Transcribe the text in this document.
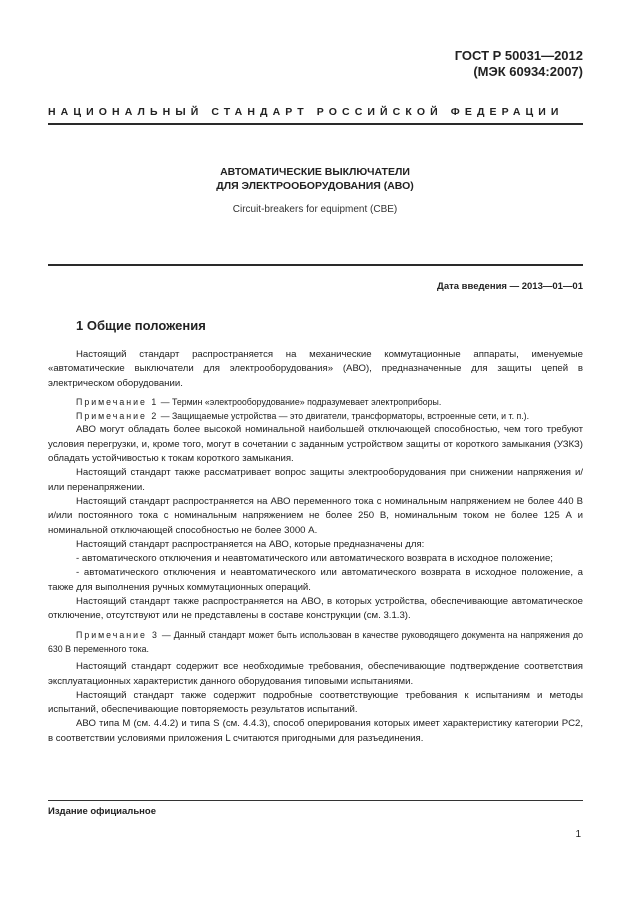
ГОСТ Р 50031—2012
(МЭК 60934:2007)
НАЦИОНАЛЬНЫЙ СТАНДАРТ РОССИЙСКОЙ ФЕДЕРАЦИИ
АВТОМАТИЧЕСКИЕ ВЫКЛЮЧАТЕЛИ
ДЛЯ ЭЛЕКТРООБОРУДОВАНИЯ (АВО)
Circuit-breakers for equipment (CBE)
Дата введения — 2013—01—01
1 Общие положения

Настоящий стандарт распространяется на механические коммутационные аппараты, именуемые «автоматические выключатели для электрооборудования» (АВО), предназначенные для защиты цепей в электрическом оборудовании.

Примечание 1 — Термин «электрооборудование» подразумевает электроприборы.

Примечание 2 — Защищаемые устройства — это двигатели, трансформаторы, встроенные сети, и т. п.).

АВО могут обладать более высокой номинальной наибольшей отключающей способностью, чем того требуют условия перегрузки, и, кроме того, могут в сочетании с заданным устройством защиты от короткого замыкания (УЗКЗ) обладать устойчивостью к токам короткого замыкания.

Настоящий стандарт также рассматривает вопрос защиты электрооборудования при снижении напряжения и/или перенапряжении.

Настоящий стандарт распространяется на АВО переменного тока с номинальным напряжением не более 440 В и/или постоянного тока с номинальным напряжением не более 250 В, номинальным током не более 125 А и номинальной отключающей способностью не более 3000 А.

Настоящий стандарт распространяется на АВО, которые предназначены для:

- автоматического отключения и неавтоматического или автоматического возврата в исходное положение;

- автоматического отключения и неавтоматического или автоматического возврата в исходное положение, а также для выполнения ручных коммутационных операций.

Настоящий стандарт также распространяется на АВО, в которых устройства, обеспечивающие автоматическое отключение, отсутствуют или не представлены в составе конструкции (см. 3.1.3).

Примечание 3 — Данный стандарт может быть использован в качестве руководящего документа на напряжения до 630 В переменного тока.

Настоящий стандарт содержит все необходимые требования, обеспечивающие подтверждение соответствия эксплуатационных характеристик данного оборудования типовыми испытаниями.

Настоящий стандарт также содержит подробные соответствующие требования к испытаниям и методы испытаний, обеспечивающие повторяемость результатов испытаний.

АВО типа М (см. 4.4.2) и типа S (см. 4.4.3), способ оперирования которых имеет характеристику категории РС2, в соответствии условиями приложения L считаются пригодными для разъединения.

Издание официальное
1
